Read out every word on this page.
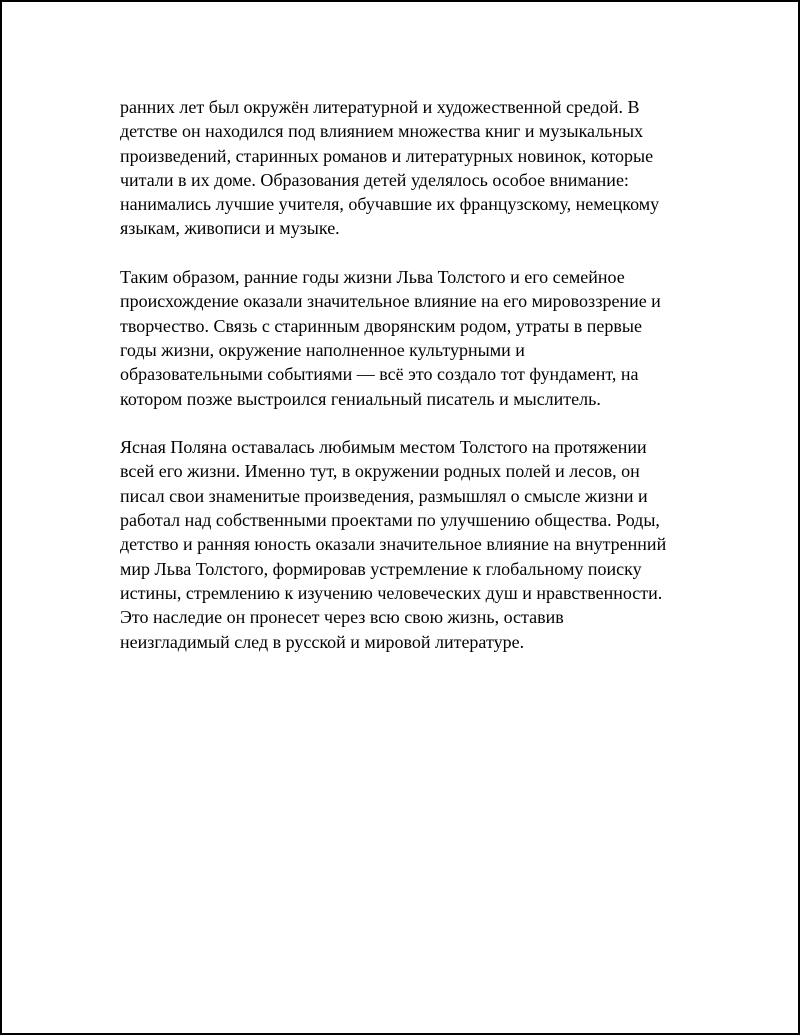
ранних лет был окружён литературной и художественной средой. В
детстве он находился под влиянием множества книг и музыкальных
произведений, старинных романов и литературных новинок, которые
читали в их доме. Образования детей уделялось особое внимание:
нанимались лучшие учителя, обучавшие их французскому, немецкому
языкам, живописи и музыке.

Таким образом, ранние годы жизни Льва Толстого и его семейное
происхождение оказали значительное влияние на его мировоззрение и
творчество. Связь с старинным дворянским родом, утраты в первые
годы жизни, окружение наполненное культурными и
образовательными событиями — всё это создало тот фундамент, на
котором позже выстроился гениальный писатель и мыслитель.

Ясная Поляна оставалась любимым местом Толстого на протяжении
всей его жизни. Именно тут, в окружении родных полей и лесов, он
писал свои знаменитые произведения, размышлял о смысле жизни и
работал над собственными проектами по улучшению общества. Роды,
детство и ранняя юность оказали значительное влияние на внутренний
мир Льва Толстого, формировав устремление к глобальному поиску
истины, стремлению к изучению человеческих душ и нравственности.
Это наследие он пронесет через всю свою жизнь, оставив
неизгладимый след в русской и мировой литературе.
